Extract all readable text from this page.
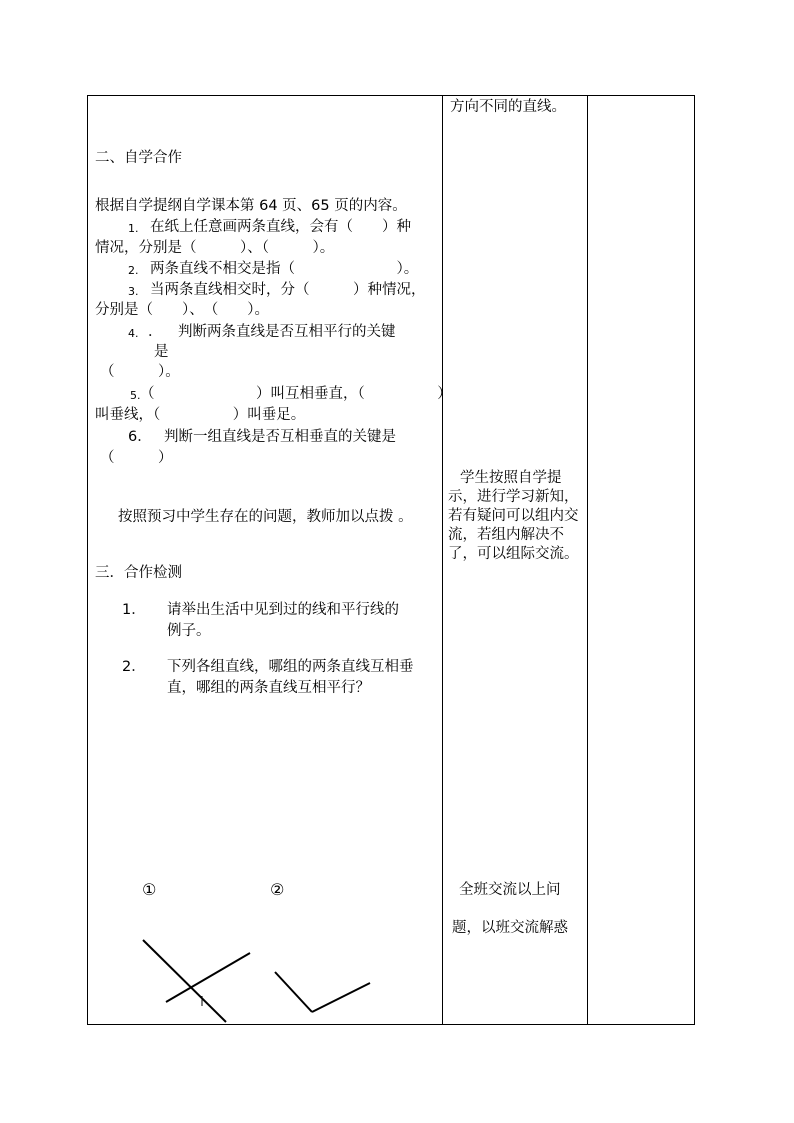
方向不同的直线。
学生按照自学提示，进行学习新知，若有疑问可以组内交流，若组内解决不了，可以组际交流。
全班交流以上问
题，以班交流解惑
二、自学合作
根据自学提纲自学课本第 64 页、65 页的内容。
1. 在纸上任意画两条直线，会有（　　）种
情况，分别是（　　　）、（　　　）。
2. 两条直线不相交是指（　　　　　　　）。
3. 当两条直线相交时，分（　　　）种情况，
分别是（　　）、　（　　）。
4. ． 判断两条直线是否互相平行的关键
是
（　　　）。
5. （　　　　　　　）叫互相垂直，（　　　　　）
叫垂线，（　　　　　）叫垂足。
6． 判断一组直线是否互相垂直的关键是
（　　　）
按照预习中学生存在的问题，教师加以点拨 。
三．合作检测
1． 请举出生活中见到过的线和平行线的
例子。
2． 下列各组直线，哪组的两条直线互相垂
直，哪组的两条直线互相平行？
①	②
